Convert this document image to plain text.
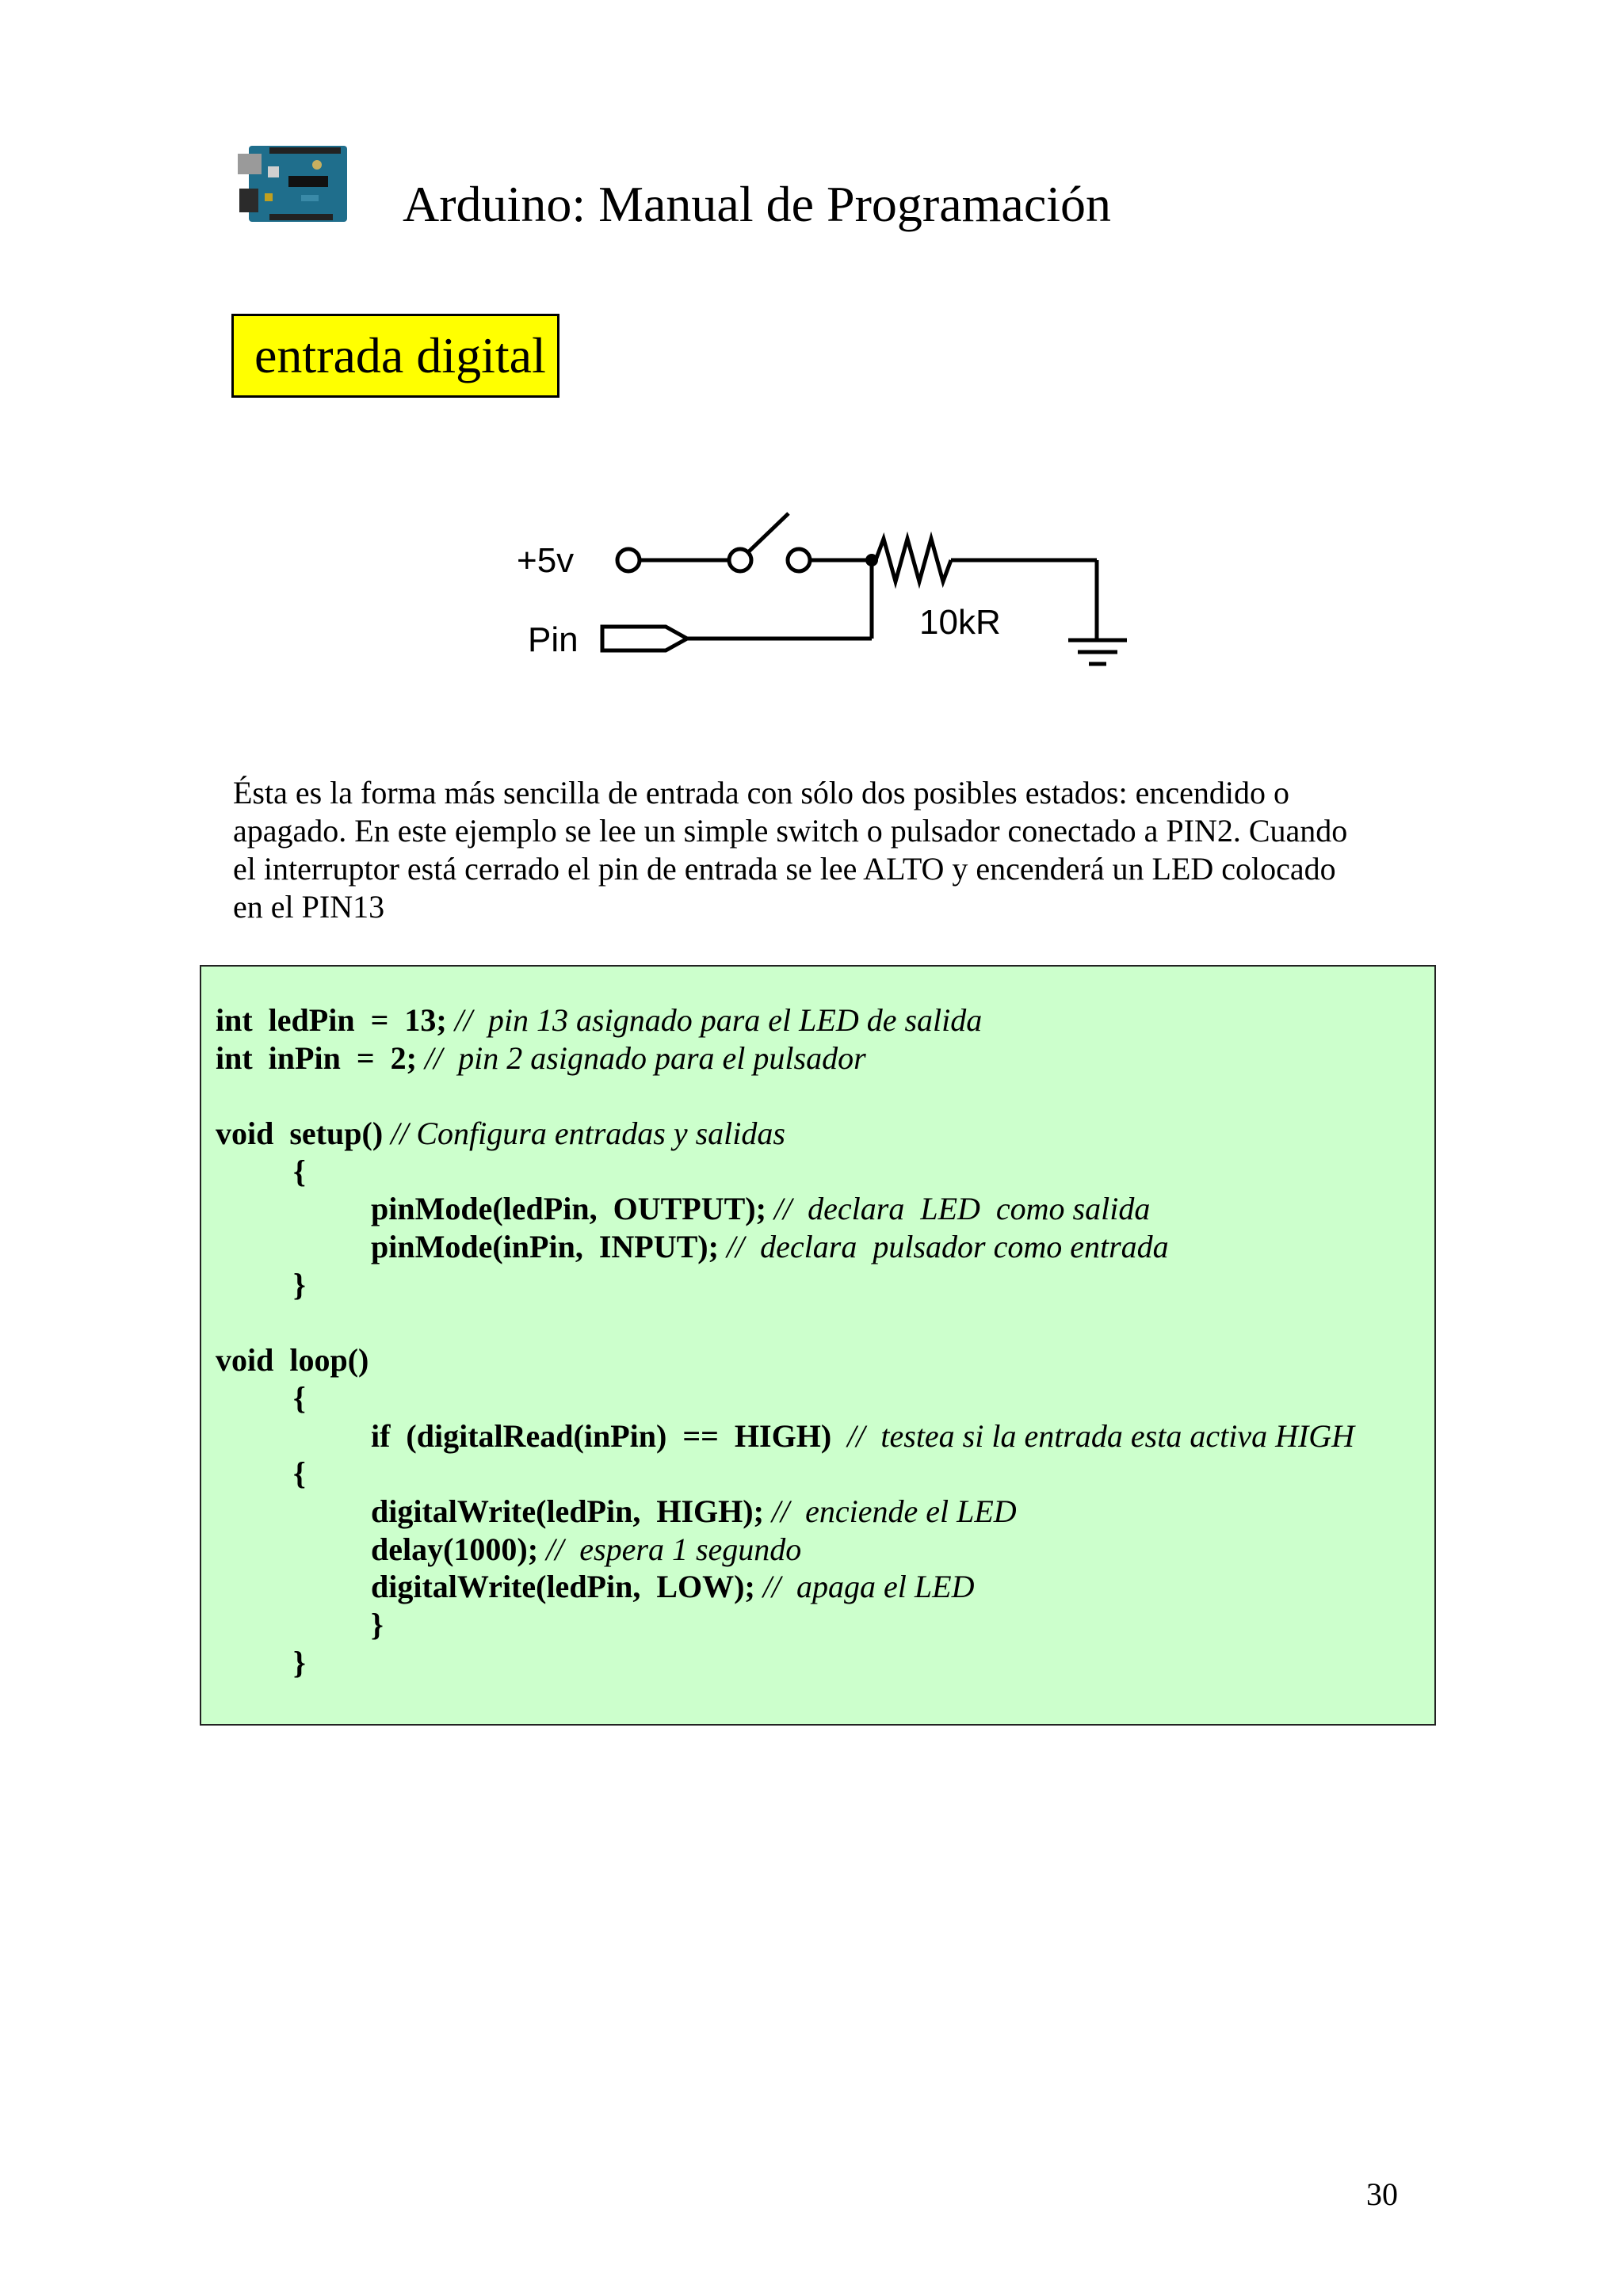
Arduino: Manual de Programación
entrada digital
+5v
Pin	10kR
Ésta es la forma más sencilla de entrada con sólo dos posibles estados: encendido o
apagado. En este ejemplo se lee un simple switch o pulsador conectado a PIN2. Cuando
el interruptor está cerrado el pin de entrada se lee ALTO y encenderá un LED colocado
en el PIN13
int  ledPin  =  13; //  pin 13 asignado para el LED de salida
int  inPin  =  2; //  pin 2 asignado para el pulsador
void  setup() // Configura entradas y salidas
{
pinMode(ledPin,  OUTPUT); //  declara  LED  como salida
pinMode(inPin,  INPUT); //  declara  pulsador como entrada
}
void  loop()
{
if  (digitalRead(inPin)  ==  HIGH)  //  testea si la entrada esta activa HIGH
{
digitalWrite(ledPin,  HIGH); //  enciende el LED
delay(1000); //  espera 1 segundo
digitalWrite(ledPin,  LOW); //  apaga el LED
}
}
30
